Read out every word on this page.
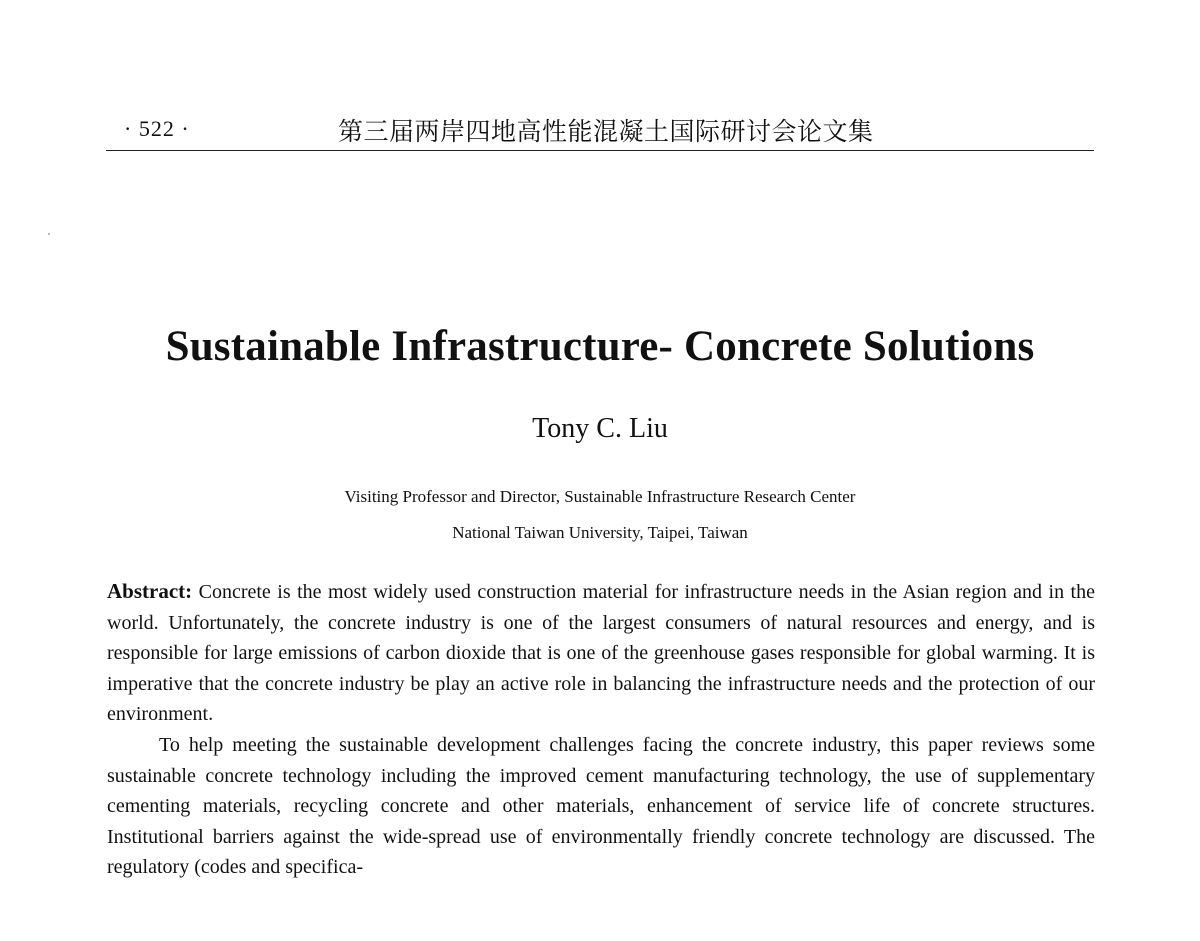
· 522 ·	第三届两岸四地高性能混凝土国际研讨会论文集
Sustainable Infrastructure- Concrete Solutions
Tony C. Liu
Visiting Professor and Director, Sustainable Infrastructure Research Center
National Taiwan University, Taipei, Taiwan

Abstract: Concrete is the most widely used construction material for infrastructure needs in the Asian region and in the world. Unfortunately, the concrete industry is one of the largest consumers of natural resources and energy, and is responsible for large emissions of carbon dioxide that is one of the greenhouse gases responsible for global warming. It is imperative that the concrete industry be play an active role in balancing the infrastructure needs and the protection of our environment.

To help meeting the sustainable development challenges facing the concrete industry, this paper reviews some sustainable concrete technology including the improved cement manufacturing technology, the use of supplementary cementing materials, recycling concrete and other materials, enhancement of service life of concrete structures. Institutional barriers against the wide-spread use of environmentally friendly concrete technology are discussed. The regulatory (codes and specifica-
